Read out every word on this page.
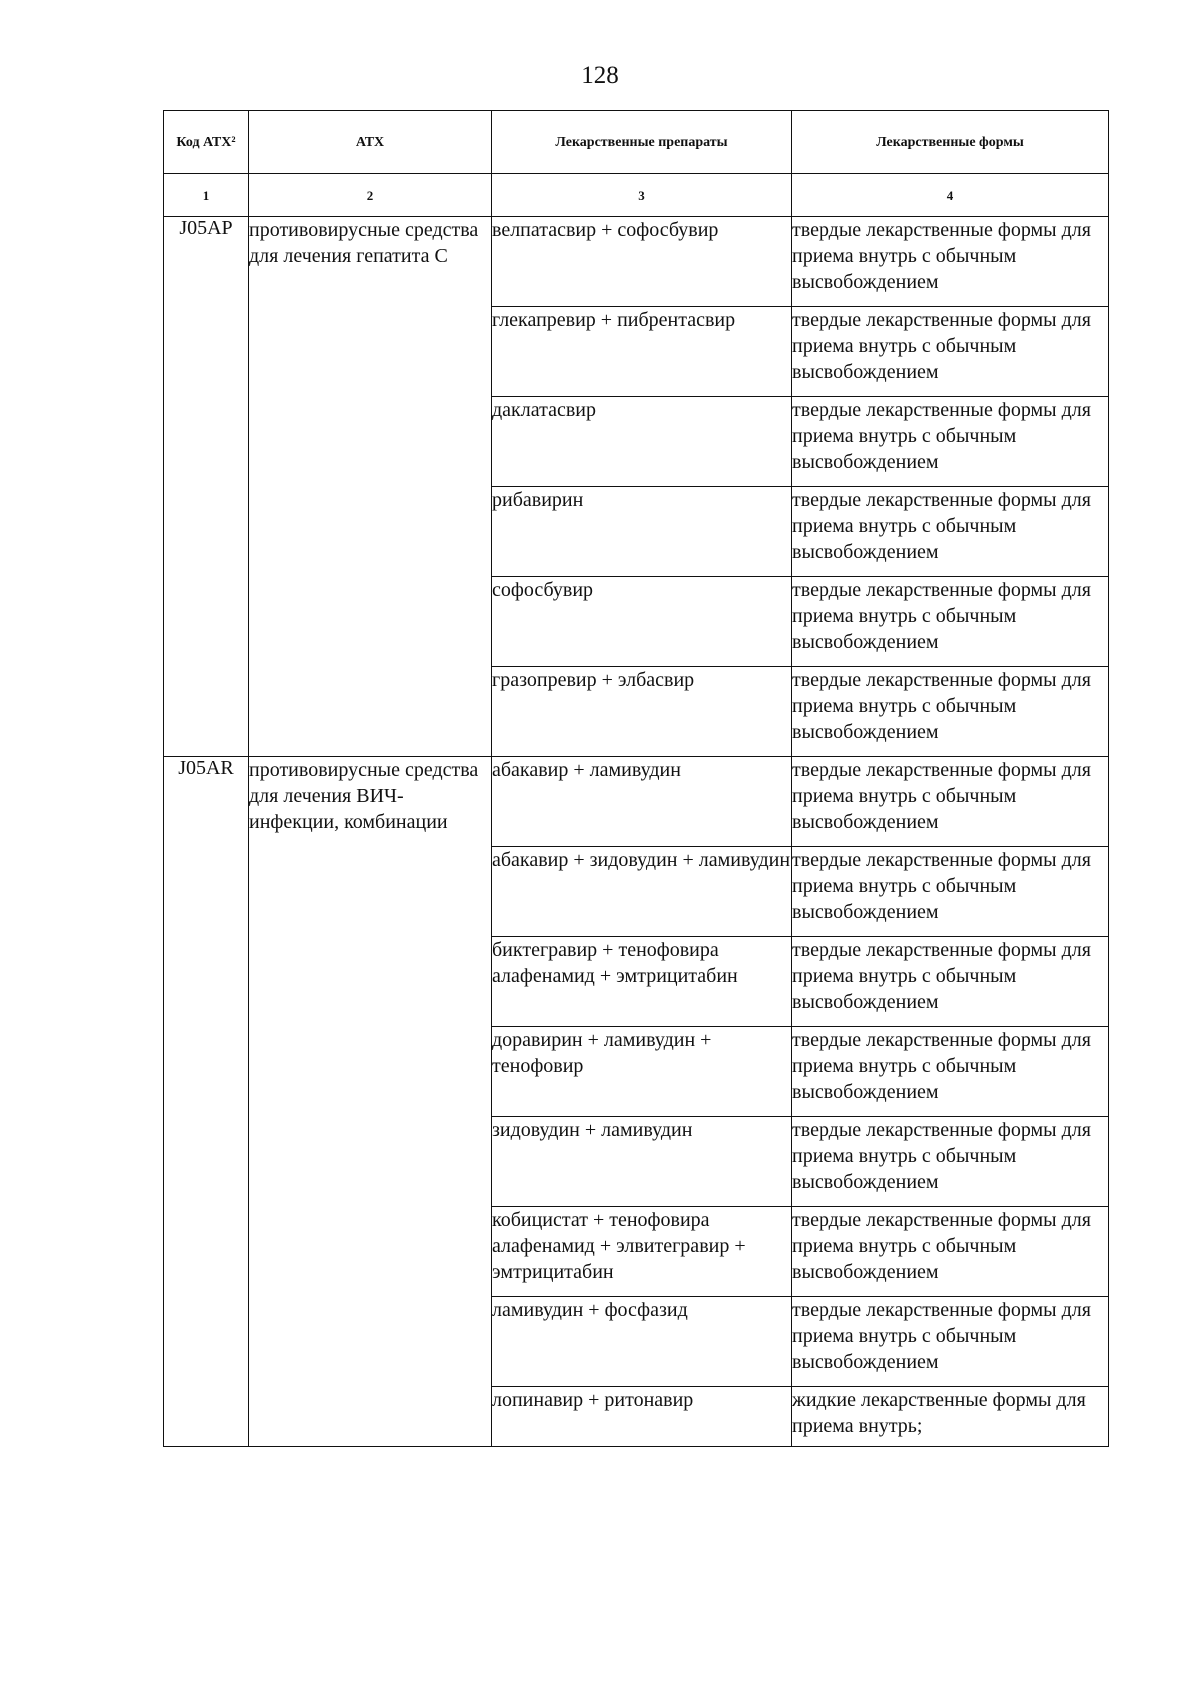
128
Код АТХ²	АТХ	Лекарственные препараты	Лекарственные формы
1	2	3	4
J05AP	противовирусные средства для лечения гепатита C	велпатасвир + софосбувир	твердые лекарственные формы для приема внутрь с обычным высвобождением
		глекапревир + пибрентасвир	твердые лекарственные формы для приема внутрь с обычным высвобождением
		даклатасвир	твердые лекарственные формы для приема внутрь с обычным высвобождением
		рибавирин	твердые лекарственные формы для приема внутрь с обычным высвобождением
		софосбувир	твердые лекарственные формы для приема внутрь с обычным высвобождением
		гразопревир + элбасвир	твердые лекарственные формы для приема внутрь с обычным высвобождением
J05AR	противовирусные средства для лечения ВИЧ-инфекции, комбинации	абакавир + ламивудин	твердые лекарственные формы для приема внутрь с обычным высвобождением
		абакавир + зидовудин + ламивудин	твердые лекарственные формы для приема внутрь с обычным высвобождением
		биктегравир + тенофовира алафенамид + эмтрицитабин	твердые лекарственные формы для приема внутрь с обычным высвобождением
		доравирин + ламивудин + тенофовир	твердые лекарственные формы для приема внутрь с обычным высвобождением
		зидовудин + ламивудин	твердые лекарственные формы для приема внутрь с обычным высвобождением
		кобицистат + тенофовира алафенамид + элвитегравир + эмтрицитабин	твердые лекарственные формы для приема внутрь с обычным высвобождением
		ламивудин + фосфазид	твердые лекарственные формы для приема внутрь с обычным высвобождением
		лопинавир + ритонавир	жидкие лекарственные формы для приема внутрь;
